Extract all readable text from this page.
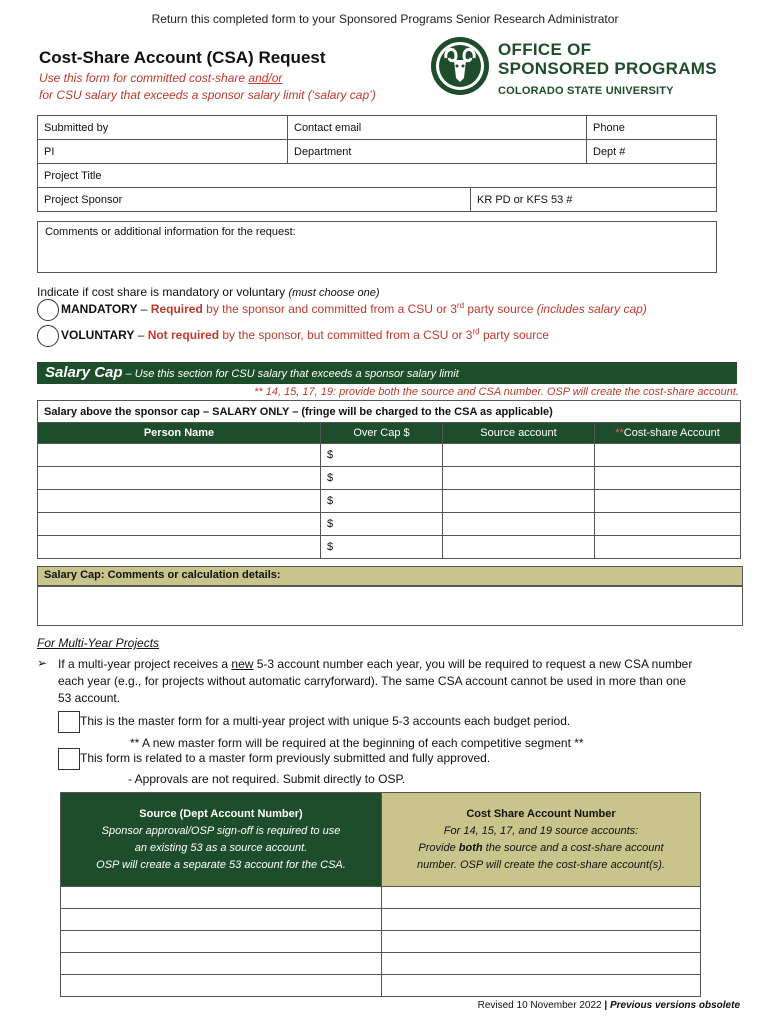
Return this completed form to your Sponsored Programs Senior Research Administrator
Cost-Share Account (CSA) Request
Use this form for committed cost-share and/or
for CSU salary that exceeds a sponsor salary limit (‘salary cap’)
OFFICE OF
SPONSORED PROGRAMS
COLORADO STATE UNIVERSITY
Submitted by	Contact email	Phone
PI	Department	Dept #
Project Title		
Project Sponsor	KR PD or KFS 53 #
Comments or additional information for the request:
Indicate if cost share is mandatory or voluntary (must choose one)
MANDATORY – Required by the sponsor and committed from a CSU or 3rd party source (includes salary cap)
VOLUNTARY – Not required by the sponsor, but committed from a CSU or 3rd party source
Salary Cap – Use this section for CSU salary that exceeds a sponsor salary limit
** 14, 15, 17, 19: provide both the source and CSA number. OSP will create the cost-share account.
Salary above the sponsor cap – SALARY ONLY – (fringe will be charged to the CSA as applicable)			
Person Name	Over Cap $	Source account	**Cost-share Account
	$		
	$		
	$		
	$		
	$		
Salary Cap: Comments or calculation details:
For Multi-Year Projects
➢ If a multi-year project receives a new 5-3 account number each year, you will be required to request a new CSA number each year (e.g., for projects without automatic carryforward). The same CSA account cannot be used in more than one 53 account.
This is the master form for a multi-year project with unique 5-3 accounts each budget period.
** A new master form will be required at the beginning of each competitive segment **
This form is related to a master form previously submitted and fully approved.
- Approvals are not required. Submit directly to OSP.
Source (Dept Account Number)
Sponsor approval/OSP sign-off is required to use
an existing 53 as a source account.
OSP will create a separate 53 account for the CSA.	Cost Share Account Number
For 14, 15, 17, and 19 source accounts:
Provide both the source and a cost-share account
number. OSP will create the cost-share account(s).

Revised 10 November 2022 | Previous versions obsolete
